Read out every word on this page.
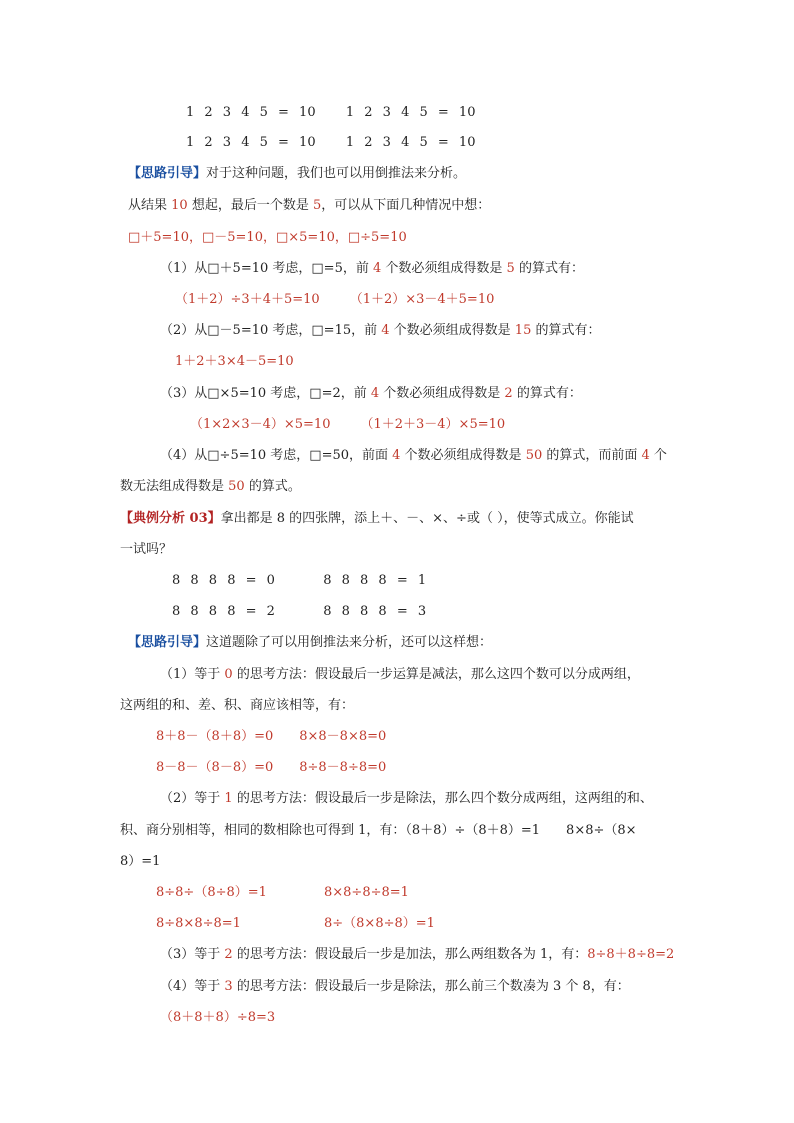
1 2 3 4 5 = 10 1 2 3 4 5 = 10
1 2 3 4 5 = 10 1 2 3 4 5 = 10
【思路引导】对于这种问题，我们也可以用倒推法来分析。
从结果 10 想起，最后一个数是 5，可以从下面几种情况中想：
□＋5=10，□－5=10，□×5=10，□÷5=10
（1）从□＋5=10 考虑，□=5，前 4 个数必须组成得数是 5 的算式有：
（1＋2）÷3＋4＋5=10 （1＋2）×3－4＋5=10
（2）从□－5=10 考虑，□=15，前 4 个数必须组成得数是 15 的算式有：
1＋2＋3×4－5=10
（3）从□×5=10 考虑，□=2，前 4 个数必须组成得数是 2 的算式有：
（1×2×3－4）×5=10 （1＋2＋3－4）×5=10
（4）从□÷5=10 考虑，□=50，前面 4 个数必须组成得数是 50 的算式，而前面 4 个
数无法组成得数是 50 的算式。
【典例分析 03】拿出都是 8 的四张牌，添上＋、－、×、÷或（ ），使等式成立。你能试
一试吗？
8 8 8 8 = 0	8 8 8 8 = 1
8 8 8 8 = 2	8 8 8 8 = 3
【思路引导】这道题除了可以用倒推法来分析，还可以这样想：
（1）等于 0 的思考方法：假设最后一步运算是减法，那么这四个数可以分成两组，
这两组的和、差、积、商应该相等，有：
8＋8－（8＋8）=0 8×8－8×8=0
8－8－（8－8）=0 8÷8－8÷8=0
（2）等于 1 的思考方法：假设最后一步是除法，那么四个数分成两组，这两组的和、
积、商分别相等，相同的数相除也可得到 1，有：（8＋8）÷（8＋8）=1　　8×8÷（8×
8）=1
8÷8÷（8÷8）=1	8×8÷8÷8=1
8÷8×8÷8=1	8÷（8×8÷8）=1
（3）等于 2 的思考方法：假设最后一步是加法，那么两组数各为 1，有：8÷8＋8÷8=2
（4）等于 3 的思考方法：假设最后一步是除法，那么前三个数凑为 3 个 8，有：
（8＋8＋8）÷8=3
